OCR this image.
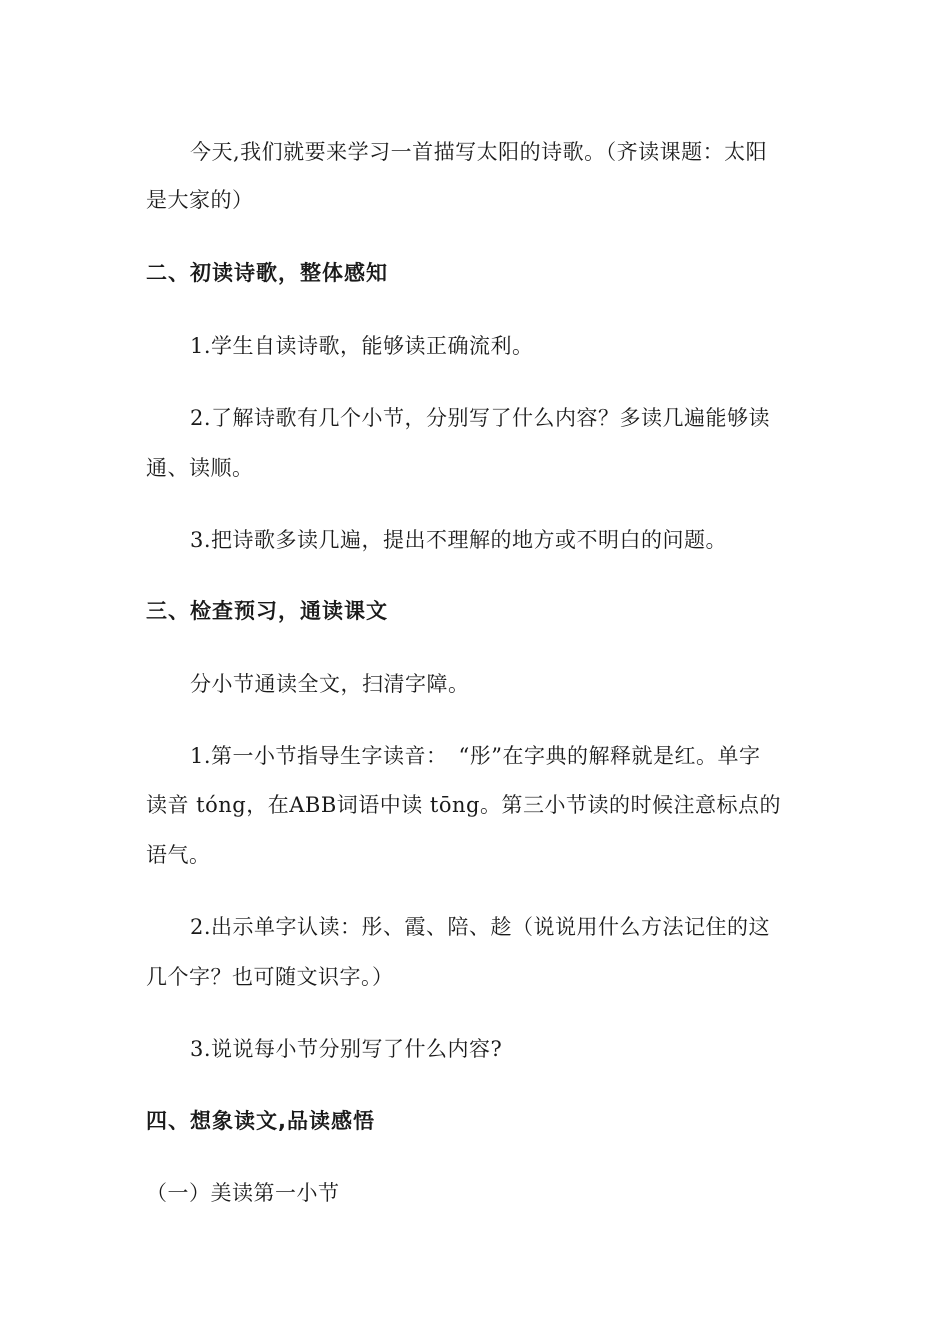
今天,我们就要来学习一首描写太阳的诗歌。（齐读课题：太阳
是大家的）
二、初读诗歌，整体感知
1.学生自读诗歌，能够读正确流利。
2.了解诗歌有几个小节，分别写了什么内容？多读几遍能够读
通、读顺。
3.把诗歌多读几遍，提出不理解的地方或不明白的问题。
三、检查预习，通读课文
分小节通读全文，扫清字障。
1.第一小节指导生字读音：　“彤”在字典的解释就是红。单字
读音 tóng，在ABB词语中读 tōng。第三小节读的时候注意标点的
语气。
2.出示单字认读：彤、霞、陪、趁（说说用什么方法记住的这
几个字？也可随文识字。）
3.说说每小节分别写了什么内容?
四、想象读文,品读感悟
（一）美读第一小节
